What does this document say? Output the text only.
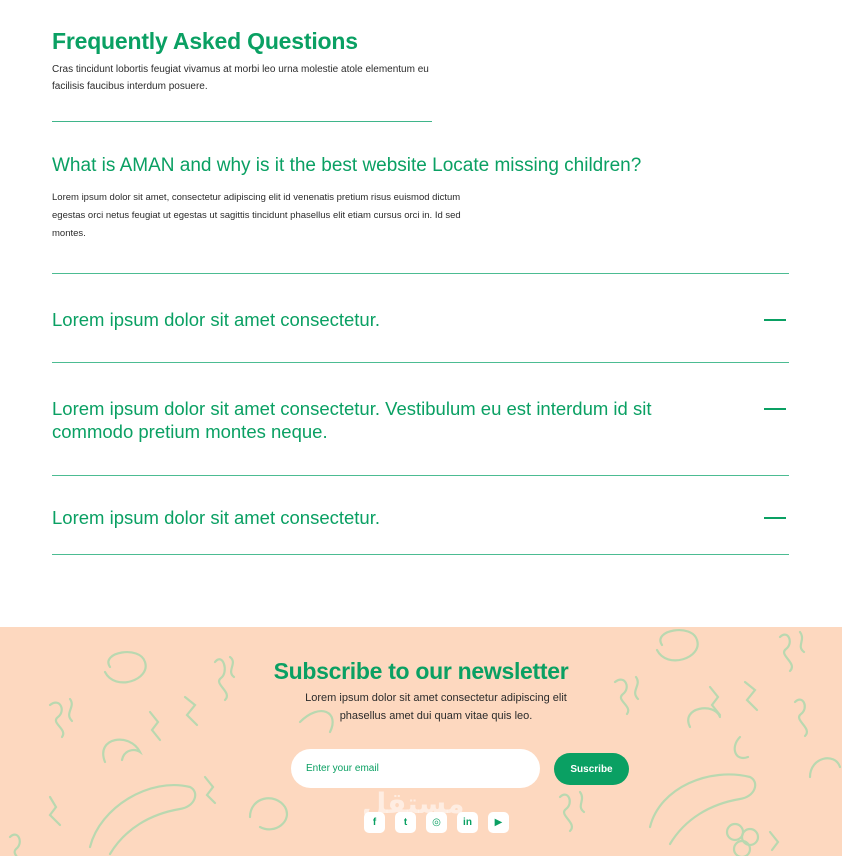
Frequently Asked Questions

Cras tincidunt lobortis feugiat vivamus at morbi leo urna molestie atole elementum eu facilisis faucibus interdum posuere.

What is AMAN and why is it the best website Locate missing children?

Lorem ipsum dolor sit amet, consectetur adipiscing elit id venenatis pretium risus euismod dictum egestas orci netus feugiat ut egestas ut sagittis tincidunt phasellus elit etiam cursus orci in. Id sed montes.

Lorem ipsum dolor sit amet consectetur.

Lorem ipsum dolor sit amet consectetur. Vestibulum eu est interdum id sit commodo pretium montes neque.

Lorem ipsum dolor sit amet consectetur.

Subscribe to our newsletter

Lorem ipsum dolor sit amet consectetur adipiscing elit phasellus amet dui quam vitae quis leo.

Enter your email
Suscribe
f	t	◎	in	▶
مستقل
